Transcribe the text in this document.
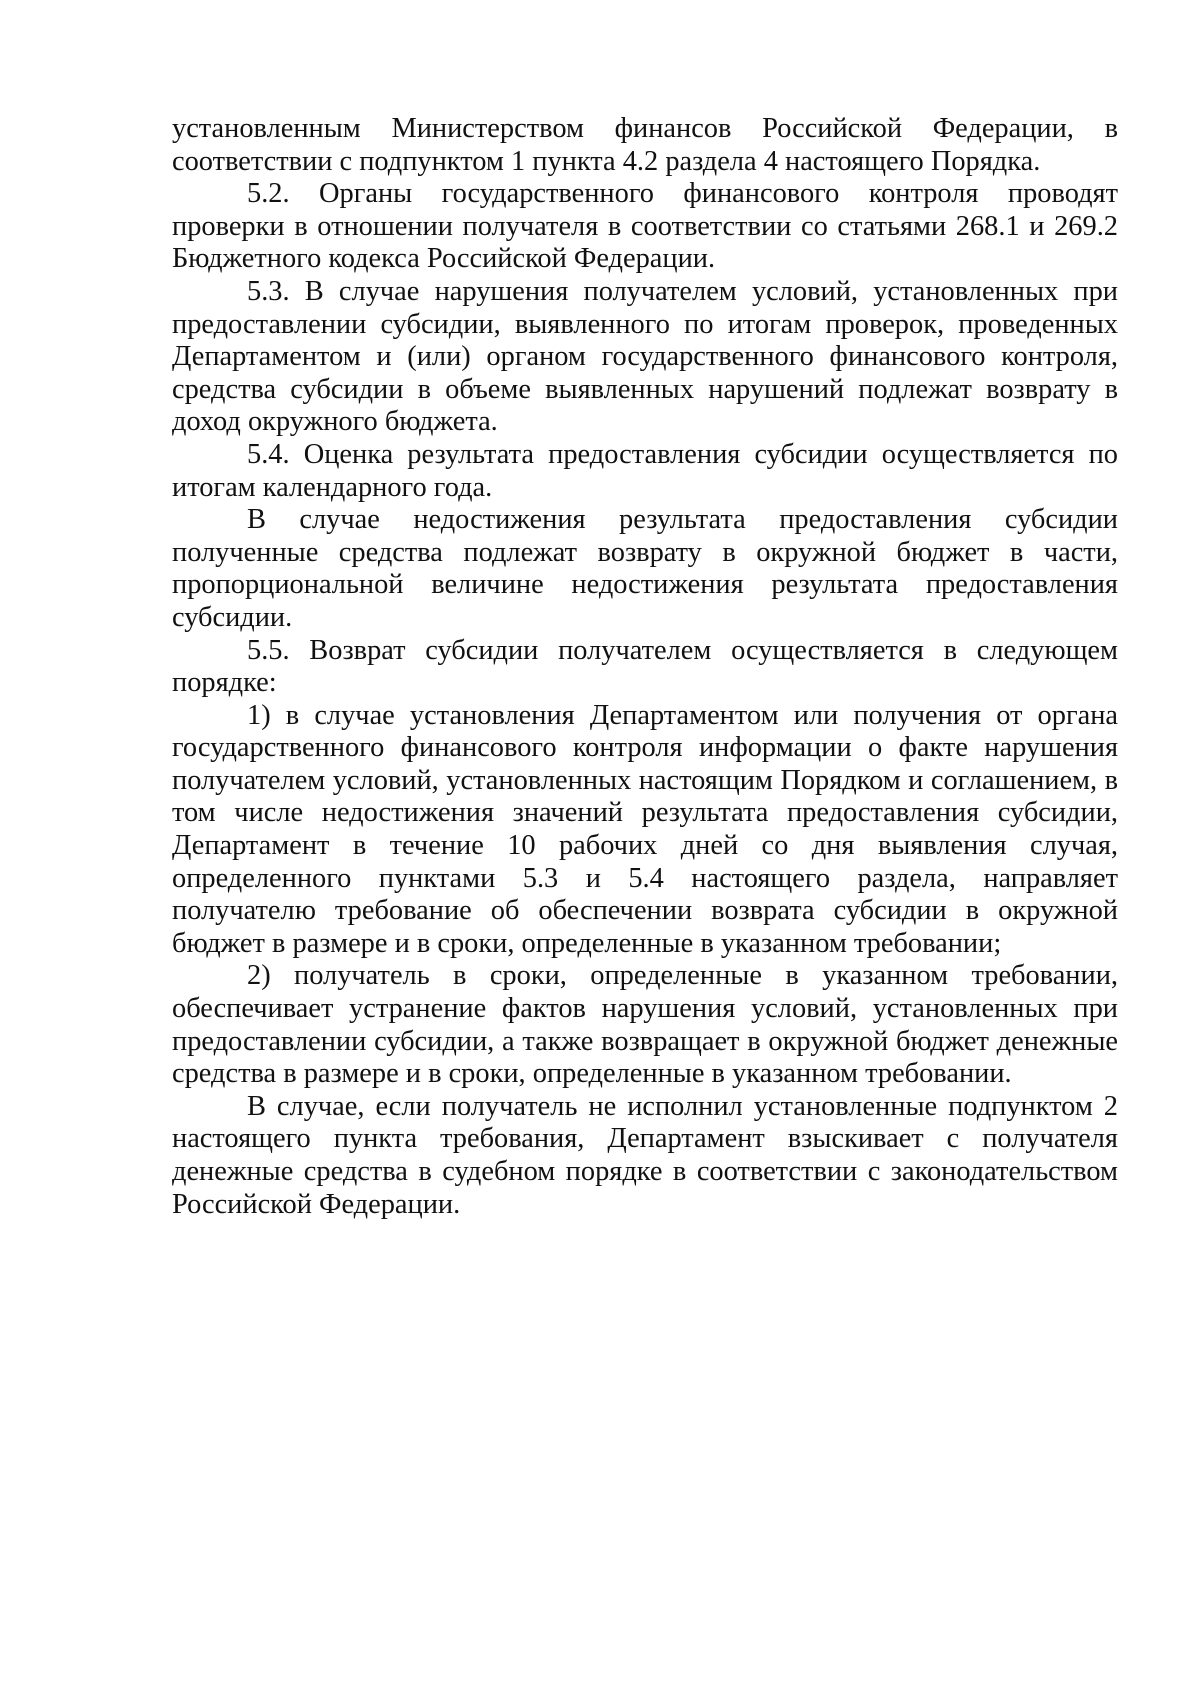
установленным Министерством финансов Российской Федерации, в соответствии с подпунктом 1 пункта 4.2 раздела 4 настоящего Порядка.

5.2. Органы государственного финансового контроля проводят проверки в отношении получателя в соответствии со статьями 268.1 и 269.2 Бюджетного кодекса Российской Федерации.

5.3. В случае нарушения получателем условий, установленных при предоставлении субсидии, выявленного по итогам проверок, проведенных Департаментом и (или) органом государственного финансового контроля, средства субсидии в объеме выявленных нарушений подлежат возврату в доход окружного бюджета.

5.4. Оценка результата предоставления субсидии осуществляется по итогам календарного года.

В случае недостижения результата предоставления субсидии полученные средства подлежат возврату в окружной бюджет в части, пропорциональной величине недостижения результата предоставления субсидии.

5.5. Возврат субсидии получателем осуществляется в следующем порядке:

1) в случае установления Департаментом или получения от органа государственного финансового контроля информации о факте нарушения получателем условий, установленных настоящим Порядком и соглашением, в том числе недостижения значений результата предоставления субсидии, Департамент в течение 10 рабочих дней со дня выявления случая, определенного пунктами 5.3 и 5.4 настоящего раздела, направляет получателю требование об обеспечении возврата субсидии в окружной бюджет в размере и в сроки, определенные в указанном требовании;

2) получатель в сроки, определенные в указанном требовании, обеспечивает устранение фактов нарушения условий, установленных при предоставлении субсидии, а также возвращает в окружной бюджет денежные средства в размере и в сроки, определенные в указанном требовании.

В случае, если получатель не исполнил установленные подпунктом 2 настоящего пункта требования, Департамент взыскивает с получателя денежные средства в судебном порядке в соответствии с законодательством Российской Федерации.
